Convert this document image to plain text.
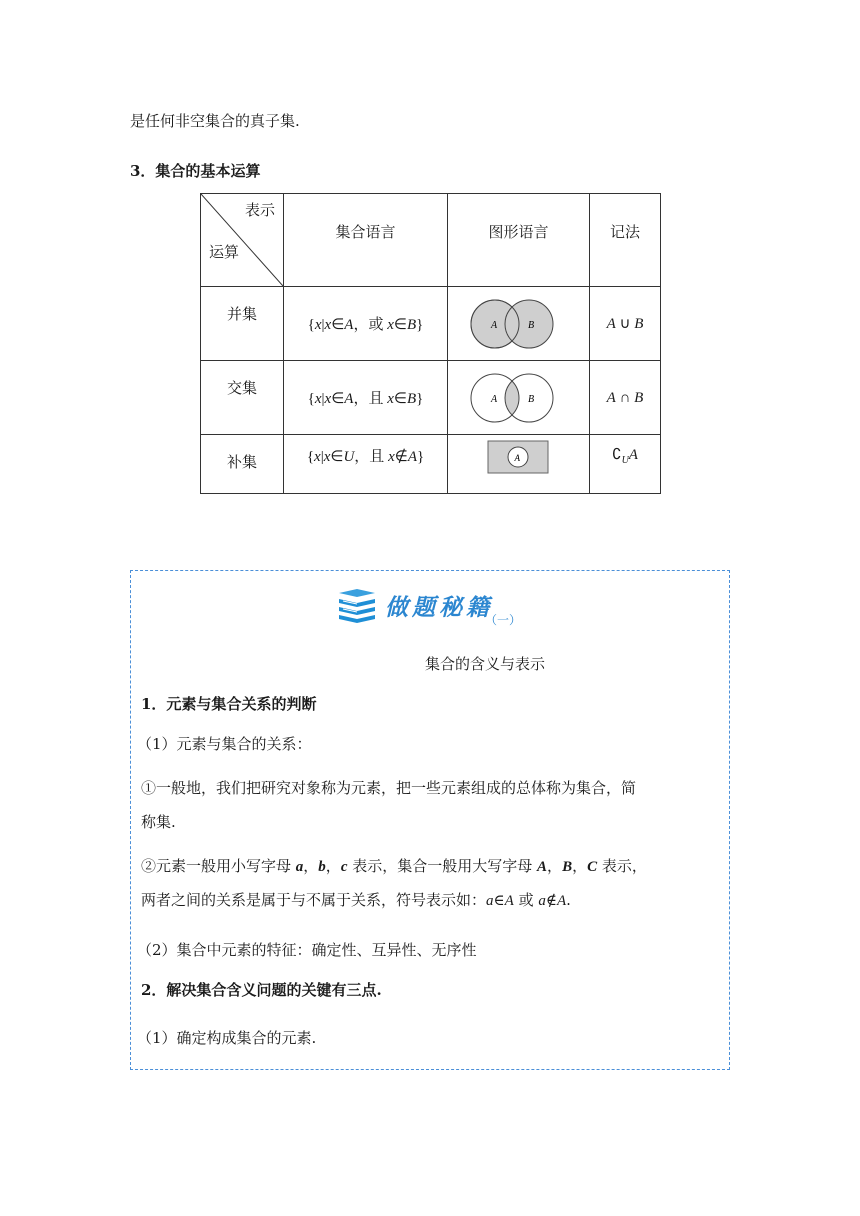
是任何非空集合的真子集.
3．集合的基本运算
表示
运算	集合语言	图形语言	记法
并集	{x|x∈A，或 x∈B}	A B	A ∪ B
交集	{x|x∈A，且 x∈B}	A B	A ∩ B
补集	{x|x∈U，且 x∉A}	A	$∁_UA$
做题秘籍
（一）
集合的含义与表示
1．元素与集合关系的判断
（1）元素与集合的关系：
①一般地，我们把研究对象称为元素，把一些元素组成的总体称为集合，简
称集.
②元素一般用小写字母 a，b，c 表示，集合一般用大写字母 A，B，C 表示，
两者之间的关系是属于与不属于关系，符号表示如：a∈A 或 a∉A.
（2）集合中元素的特征：确定性、互异性、无序性
2．解决集合含义问题的关键有三点.
（1）确定构成集合的元素.
